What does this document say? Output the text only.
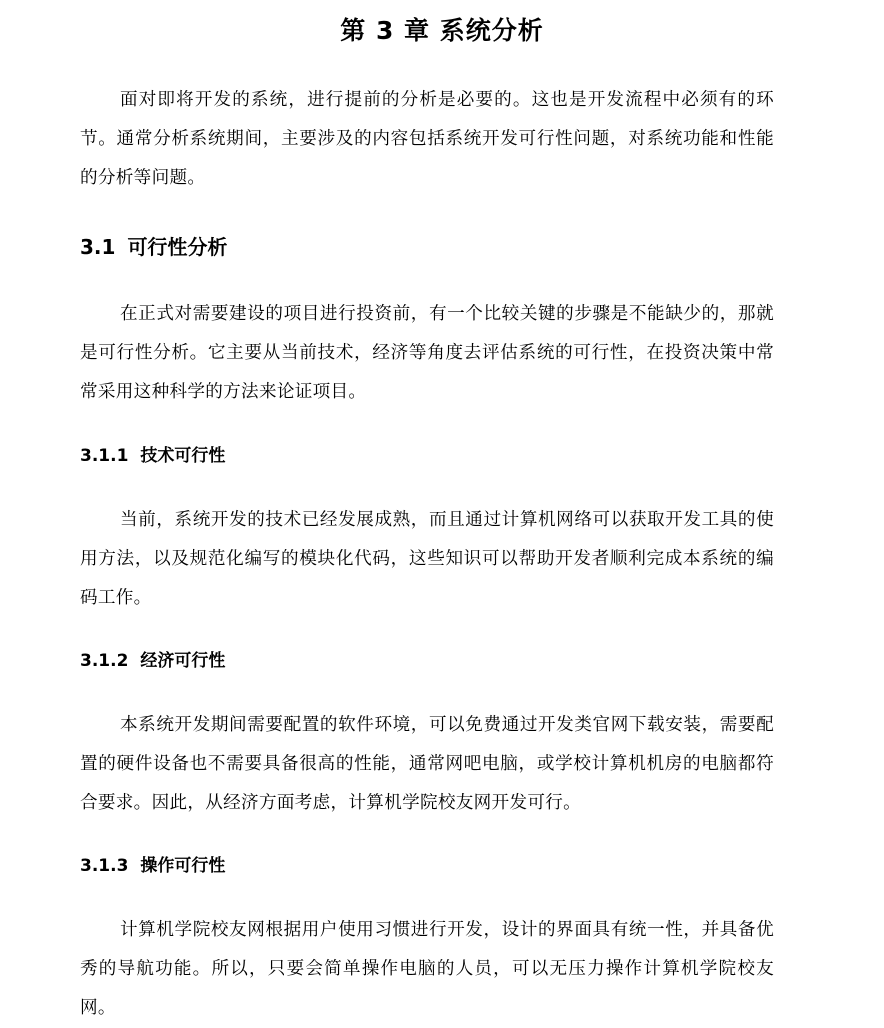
第 3 章 系统分析

面对即将开发的系统，进行提前的分析是必要的。这也是开发流程中必须有的环节。通常分析系统期间，主要涉及的内容包括系统开发可行性问题，对系统功能和性能的分析等问题。

3.1 可行性分析

在正式对需要建设的项目进行投资前，有一个比较关键的步骤是不能缺少的，那就是可行性分析。它主要从当前技术，经济等角度去评估系统的可行性，在投资决策中常常采用这种科学的方法来论证项目。

3.1.1 技术可行性

当前，系统开发的技术已经发展成熟，而且通过计算机网络可以获取开发工具的使用方法，以及规范化编写的模块化代码，这些知识可以帮助开发者顺利完成本系统的编码工作。

3.1.2 经济可行性

本系统开发期间需要配置的软件环境，可以免费通过开发类官网下载安装，需要配置的硬件设备也不需要具备很高的性能，通常网吧电脑，或学校计算机机房的电脑都符合要求。因此，从经济方面考虑，计算机学院校友网开发可行。

3.1.3 操作可行性

计算机学院校友网根据用户使用习惯进行开发，设计的界面具有统一性，并具备优秀的导航功能。所以，只要会简单操作电脑的人员，可以无压力操作计算机学院校友网。
